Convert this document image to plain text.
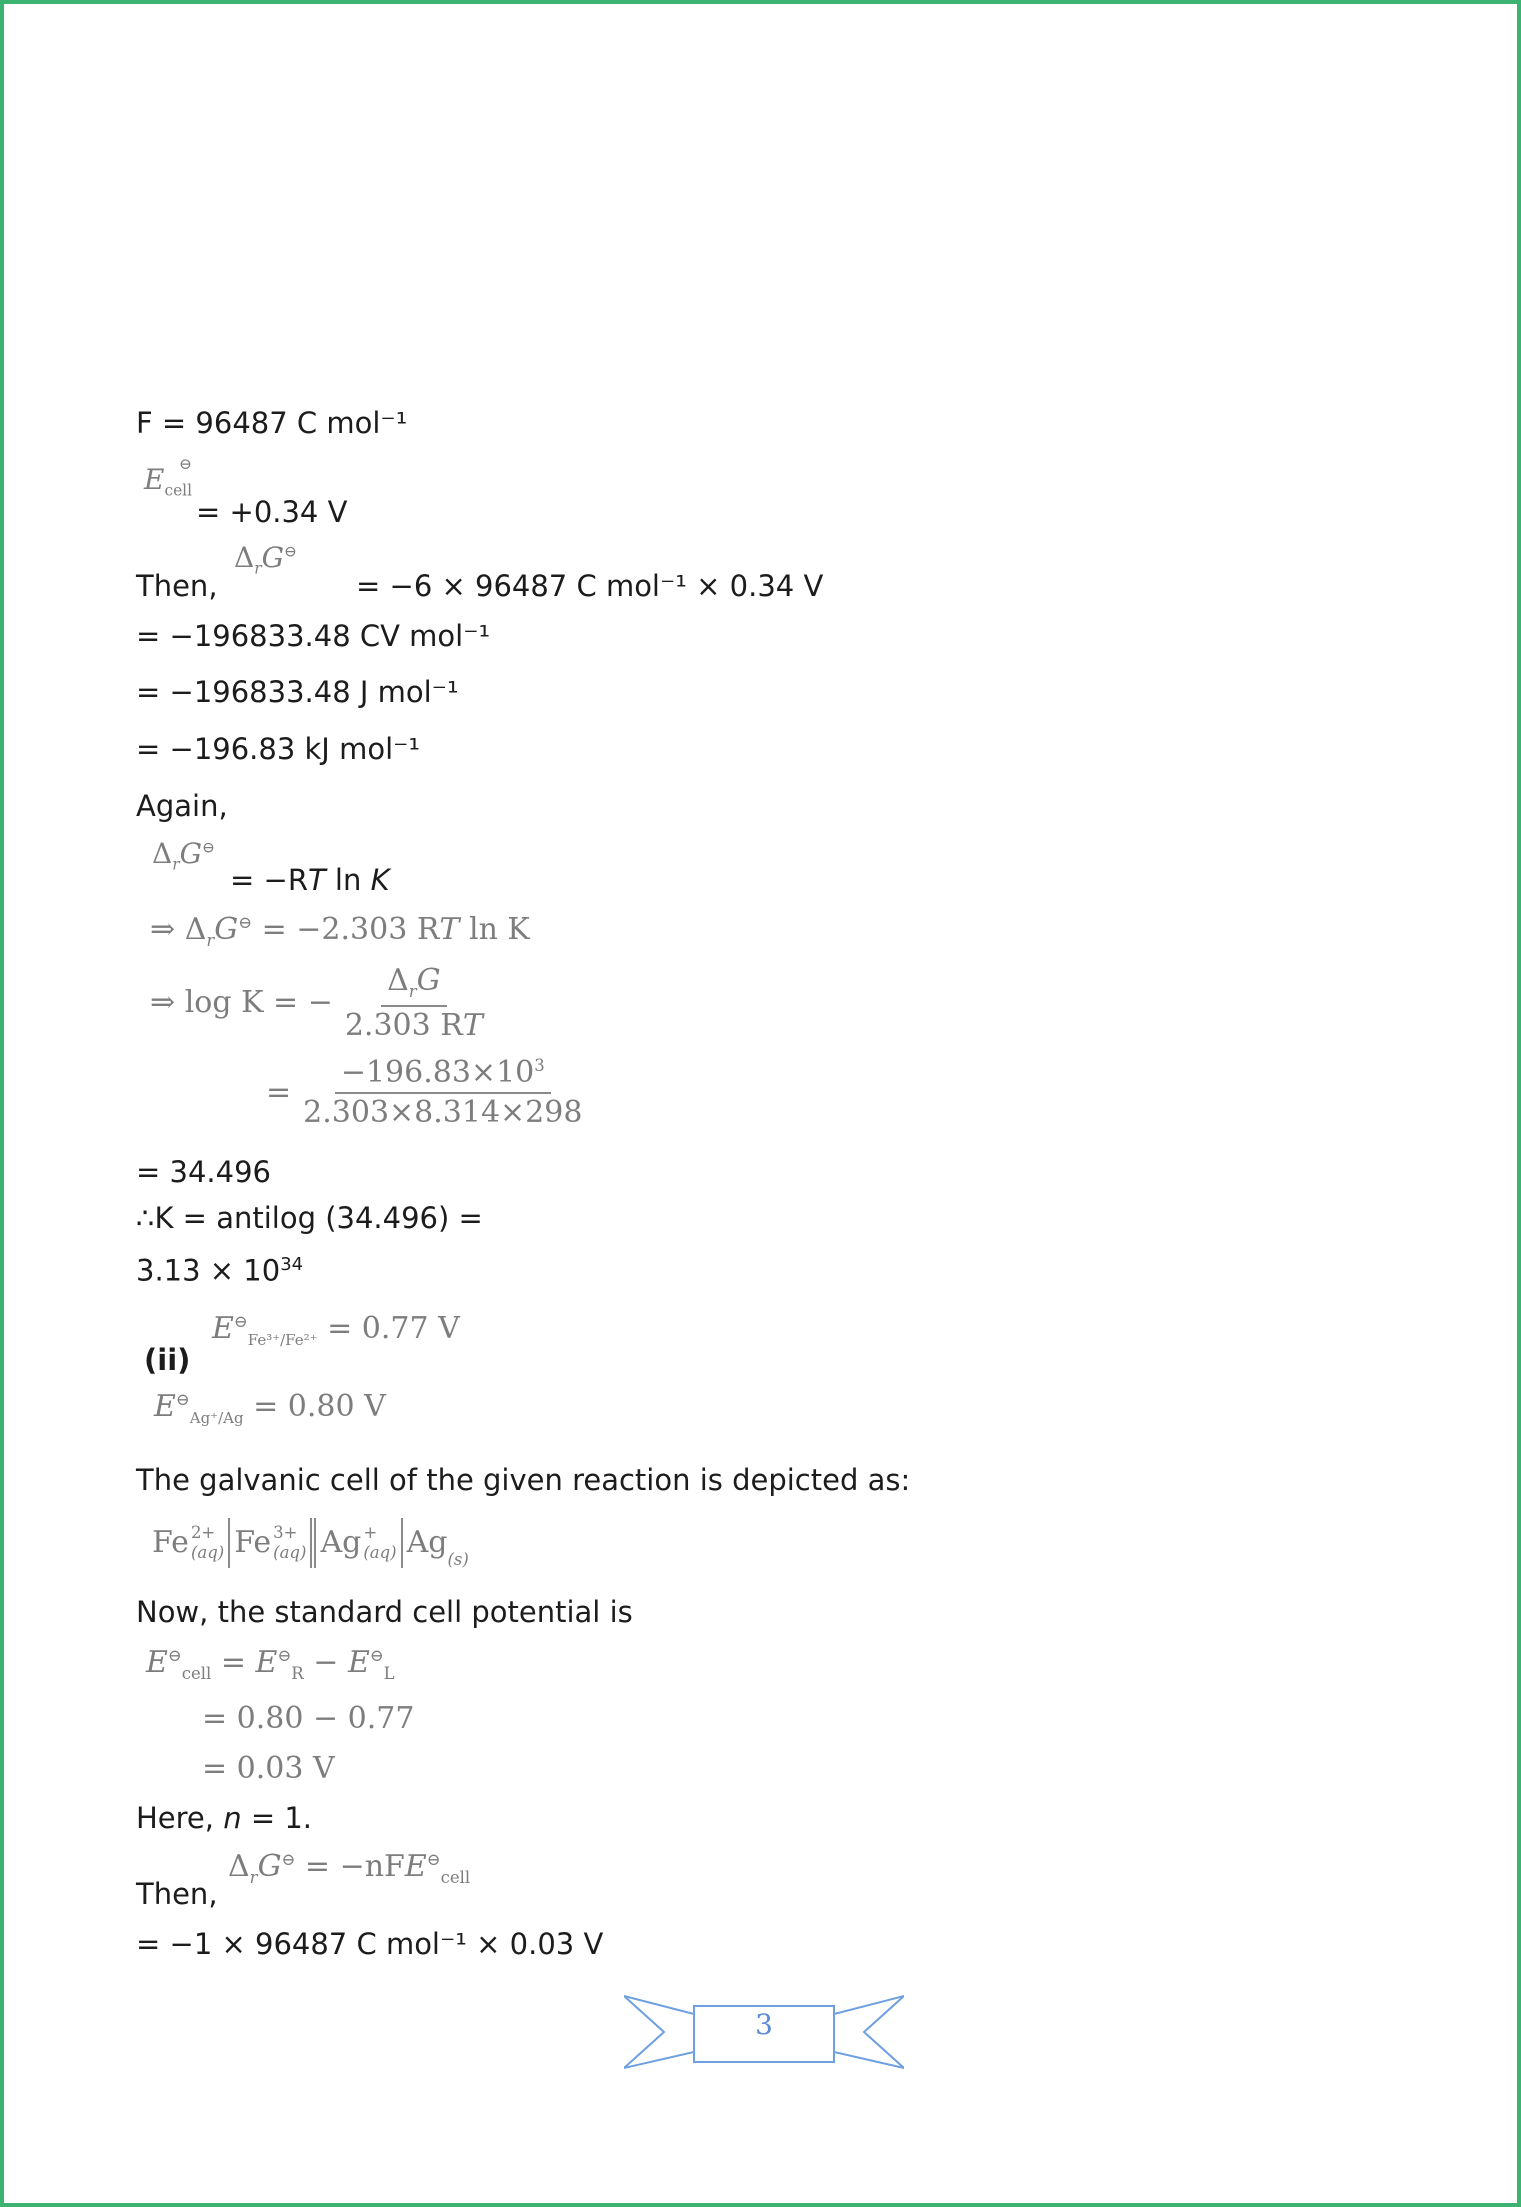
F = 96487 C mol⁻¹
$E_{cell}$ ⊖
= +0.34 V
Then,
$\Delta_rG^⊖$
= −6 × 96487 C mol⁻¹ × 0.34 V
= −196833.48 CV mol⁻¹
= −196833.48 J mol⁻¹
= −196.83 kJ mol⁻¹
Again,
$\Delta_rG^⊖$
= −RT ln K
⇒ $\Delta_rG^⊖ = -2.303$ RT ln K
⇒
log K = − $\frac{\Delta_rG}{2.303 RT}$
= $\frac{-196.83\times 10^3}{2.303\times 8.314\times 298}$
= 34.496
∴K = antilog (34.496) =
$3.13 \times 10^{34}$
(ii)
$E^⊖_{Fe^{3+}/Fe^{2+}} = 0.77$ V
$E^⊖_{Ag^+/Ag} = 0.80$ V
The galvanic cell of the given reaction is depicted as:
Fe 2+
(aq) Fe 3+
(aq) Ag +
(aq) Ag (s)
Now, the standard cell potential is
$E^⊖_{cell} = E^⊖_R - E^⊖_L$
= 0.80 − 0.77
= 0.03 V
Here, n = 1.
Then,
$\Delta_rG^⊖ = -nFE^⊖_{cell}$
= −1 × 96487 C mol⁻¹ × 0.03 V
3
